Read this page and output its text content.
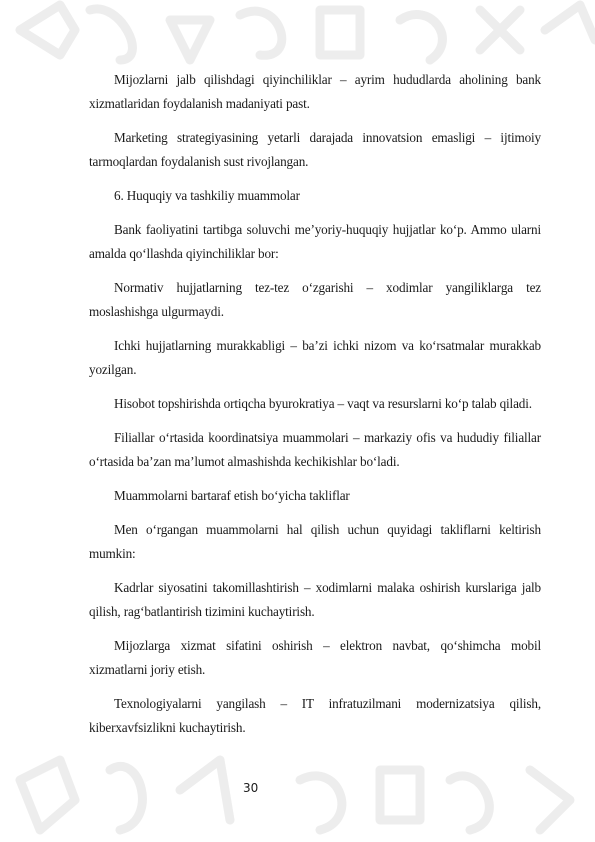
Mijozlarni jalb qilishdagi qiyinchiliklar – ayrim hududlarda aholining bank xizmatlaridan foydalanish madaniyati past.

Marketing strategiyasining yetarli darajada innovatsion emasligi – ijtimoiy tarmoqlardan foydalanish sust rivojlangan.

6. Huquqiy va tashkiliy muammolar

Bank faoliyatini tartibga soluvchi me’yoriy-huquqiy hujjatlar ko‘p. Ammo ularni amalda qo‘llashda qiyinchiliklar bor:

Normativ hujjatlarning tez-tez o‘zgarishi – xodimlar yangiliklarga tez moslashishga ulgurmaydi.

Ichki hujjatlarning murakkabligi – ba’zi ichki nizom va ko‘rsatmalar murakkab yozilgan.

Hisobot topshirishda ortiqcha byurokratiya – vaqt va resurslarni ko‘p talab qiladi.

Filiallar o‘rtasida koordinatsiya muammolari – markaziy ofis va hududiy filiallar o‘rtasida ba’zan ma’lumot almashishda kechikishlar bo‘ladi.

Muammolarni bartaraf etish bo‘yicha takliflar

Men o‘rgangan muammolarni hal qilish uchun quyidagi takliflarni keltirish mumkin:

Kadrlar siyosatini takomillashtirish – xodimlarni malaka oshirish kurslariga jalb qilish, rag‘batlantirish tizimini kuchaytirish.

Mijozlarga xizmat sifatini oshirish – elektron navbat, qo‘shimcha mobil xizmatlarni joriy etish.

Texnologiyalarni yangilash – IT infratuzilmani modernizatsiya qilish, kiberxavfsizlikni kuchaytirish.

30
